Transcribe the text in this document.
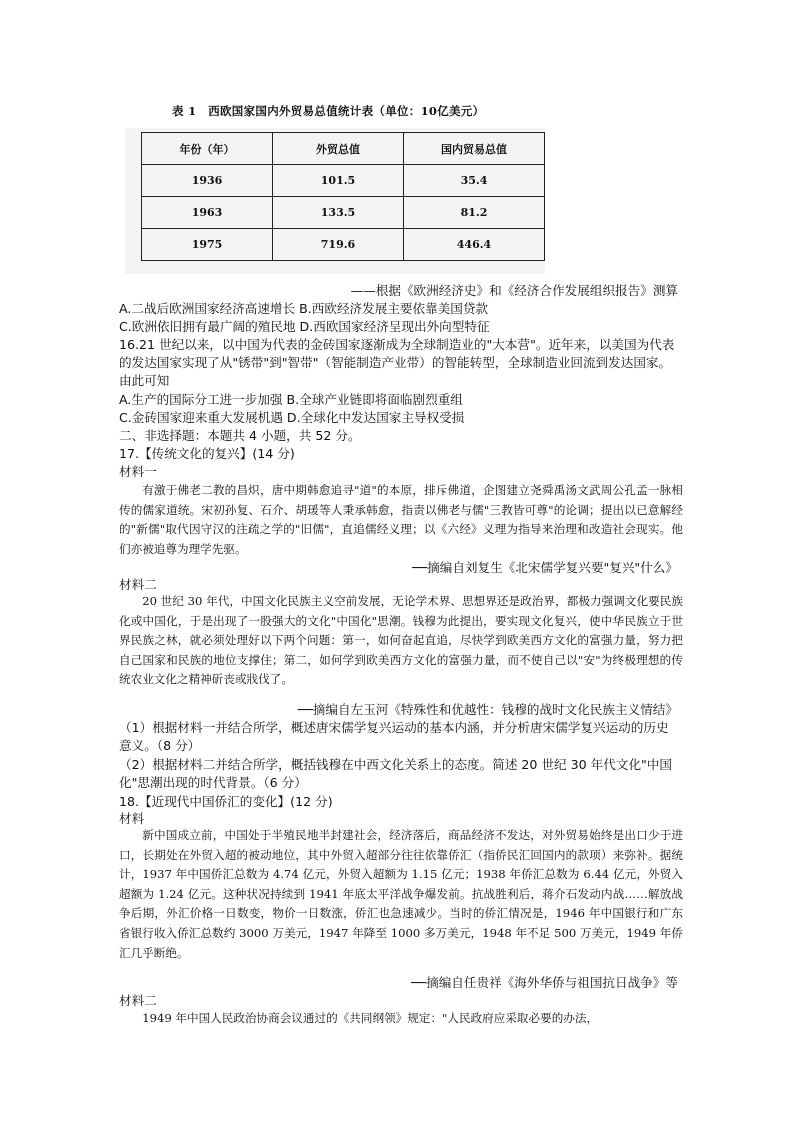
表 1　西欧国家国内外贸易总值统计表（单位：10亿美元）
年份（年）	外贸总值	国内贸易总值
1936	101.5	35.4
1963	133.5	81.2
1975	719.6	446.4
——根据《欧洲经济史》和《经济合作发展组织报告》测算
A.二战后欧洲国家经济高速增长 B.西欧经济发展主要依靠美国贷款
C.欧洲依旧拥有最广阔的殖民地 D.西欧国家经济呈现出外向型特征
16.21 世纪以来，以中国为代表的金砖国家逐渐成为全球制造业的"大本营"。近年来，以美国为代表的发达国家实现了从"锈带"到"智带"（智能制造产业带）的智能转型，全球制造业回流到发达国家。由此可知
A.生产的国际分工进一步加强 B.全球产业链即将面临剧烈重组
C.金砖国家迎来重大发展机遇 D.全球化中发达国家主导权受损
二、非选择题：本题共 4 小题，共 52 分。
17.【传统文化的复兴】(14 分)
材料一

有激于佛老二教的昌炽，唐中期韩愈追寻"道"的本原，排斥佛道，企图建立尧舜禹汤文武周公孔孟一脉相传的儒家道统。宋初孙复、石介、胡瑗等人秉承韩愈，指责以佛老与儒"三教皆可尊"的论调；提出以已意解经的"新儒"取代因守汉的注疏之学的"旧儒"，直追儒经义理；以《六经》义理为指导来治理和改造社会现实。他们亦被追尊为理学先驱。

──摘编自刘复生《北宋儒学复兴要"复兴"什么》
材料二

20 世纪 30 年代，中国文化民族主义空前发展，无论学术界、思想界还是政治界，都极力强调文化要民族化或中国化，于是出现了一股强大的文化"中国化"思潮。钱穆为此提出，要实现文化复兴，使中华民族立于世界民族之林，就必须处理好以下两个问题：第一，如何奋起直追，尽快学到欧美西方文化的富强力量，努力把自己国家和民族的地位支撑住；第二，如何学到欧美西方文化的富强力量，而不使自己以"安"为终极理想的传统农业文化之精神斫丧或戕伐了。

──摘编自左玉河《特殊性和优越性：钱穆的战时文化民族主义情结》
（1）根据材料一并结合所学，概述唐宋儒学复兴运动的基本内涵，并分析唐宋儒学复兴运动的历史意义。（8 分）
（2）根据材料二并结合所学，概括钱穆在中西文化关系上的态度。简述 20 世纪 30 年代文化"中国化"思潮出现的时代背景。（6 分）
18.【近现代中国侨汇的变化】(12 分)
材料

新中国成立前，中国处于半殖民地半封建社会，经济落后，商品经济不发达，对外贸易始终是出口少于进口，长期处在外贸入超的被动地位，其中外贸入超部分往往依靠侨汇（指侨民汇回国内的款项）来弥补。据统计，1937 年中国侨汇总数为 4.74 亿元，外贸入超额为 1.15 亿元；1938 年侨汇总数为 6.44 亿元，外贸入超额为 1.24 亿元。这种状况持续到 1941 年底太平洋战争爆发前。抗战胜利后，蒋介石发动内战……解放战争后期，外汇价格一日数变，物价一日数涨，侨汇也急速减少。当时的侨汇情况是，1946 年中国银行和广东省银行收入侨汇总数约 3000 万美元，1947 年降至 1000 多万美元，1948 年不足 500 万美元，1949 年侨汇几乎断绝。

──摘编自任贵祥《海外华侨与祖国抗日战争》等
材料二

1949 年中国人民政治协商会议通过的《共同纲领》规定："人民政府应采取必要的办法，
